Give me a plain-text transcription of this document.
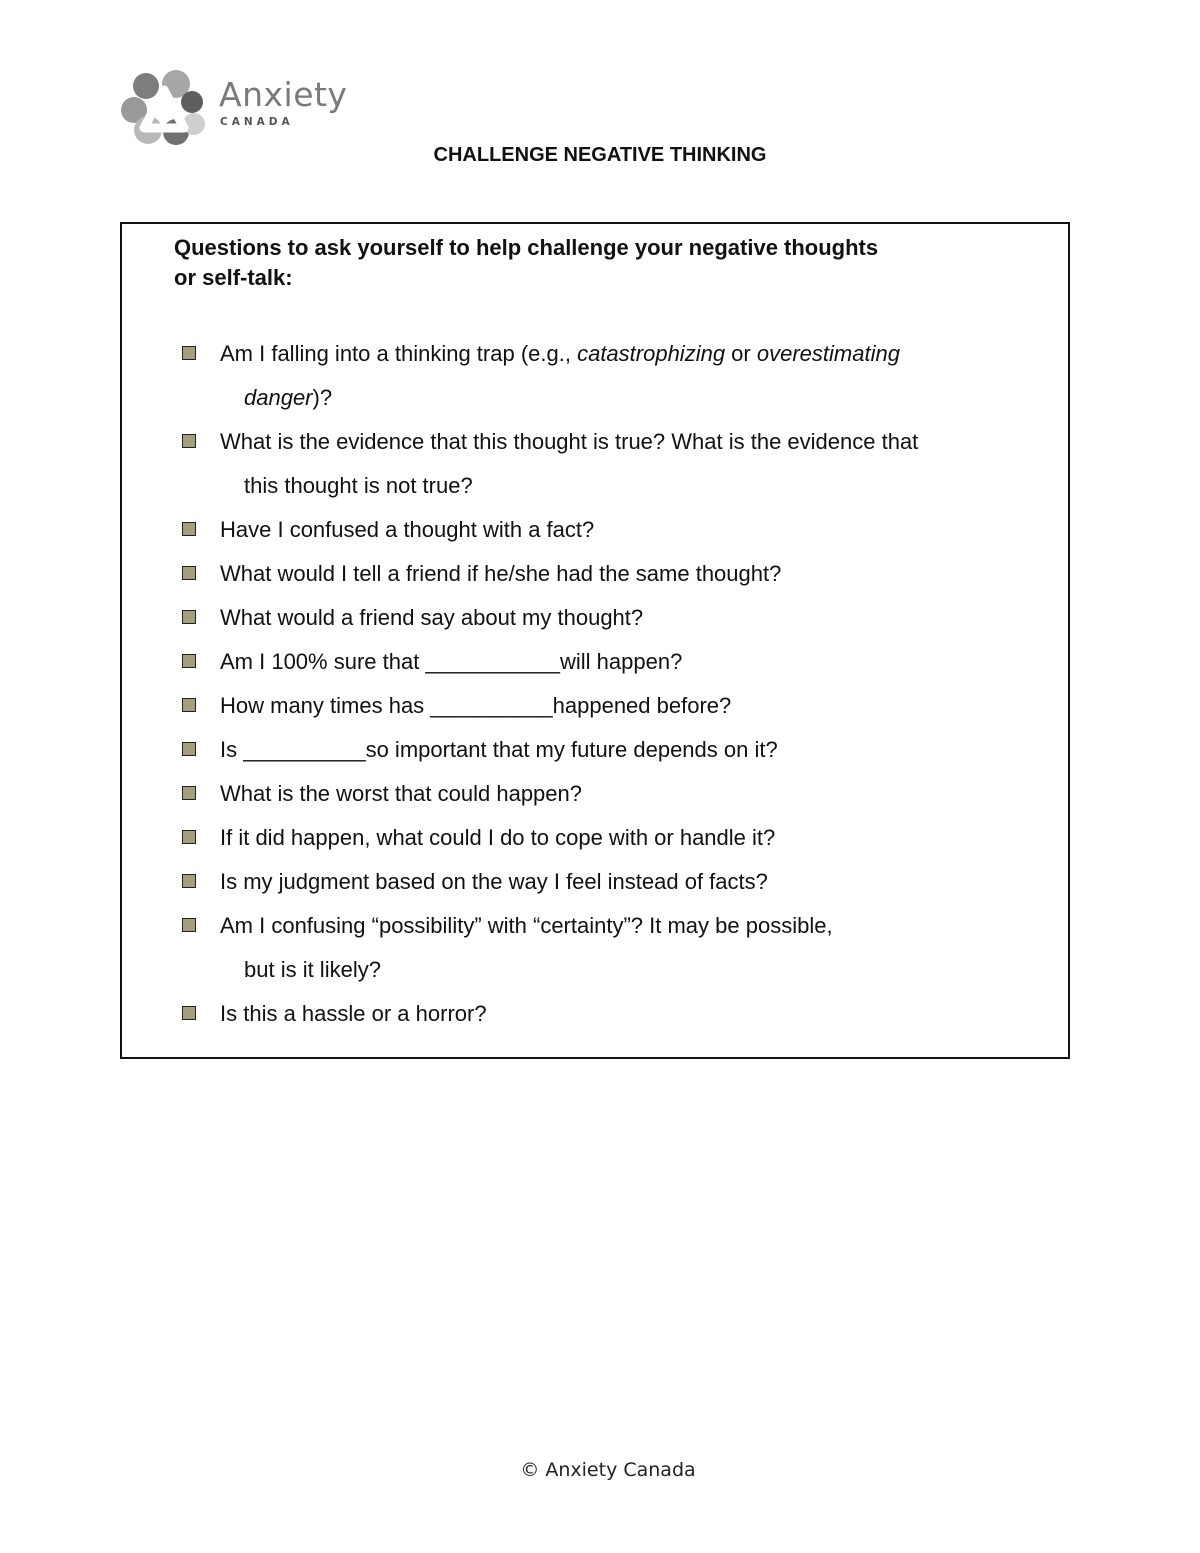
Anxiety
CANADA
CHALLENGE NEGATIVE THINKING
Questions to ask yourself to help challenge your negative thoughts
or self-talk:
Am I falling into a thinking trap (e.g., catastrophizing or overestimating
danger)?
What is the evidence that this thought is true? What is the evidence that
this thought is not true?
Have I confused a thought with a fact?
What would I tell a friend if he/she had the same thought?
What would a friend say about my thought?
Am I 100% sure that ___________will happen?
How many times has __________happened before?
Is __________so important that my future depends on it?
What is the worst that could happen?
If it did happen, what could I do to cope with or handle it?
Is my judgment based on the way I feel instead of facts?
Am I confusing “possibility” with “certainty”? It may be possible,
but is it likely?
Is this a hassle or a horror?
© Anxiety Canada
